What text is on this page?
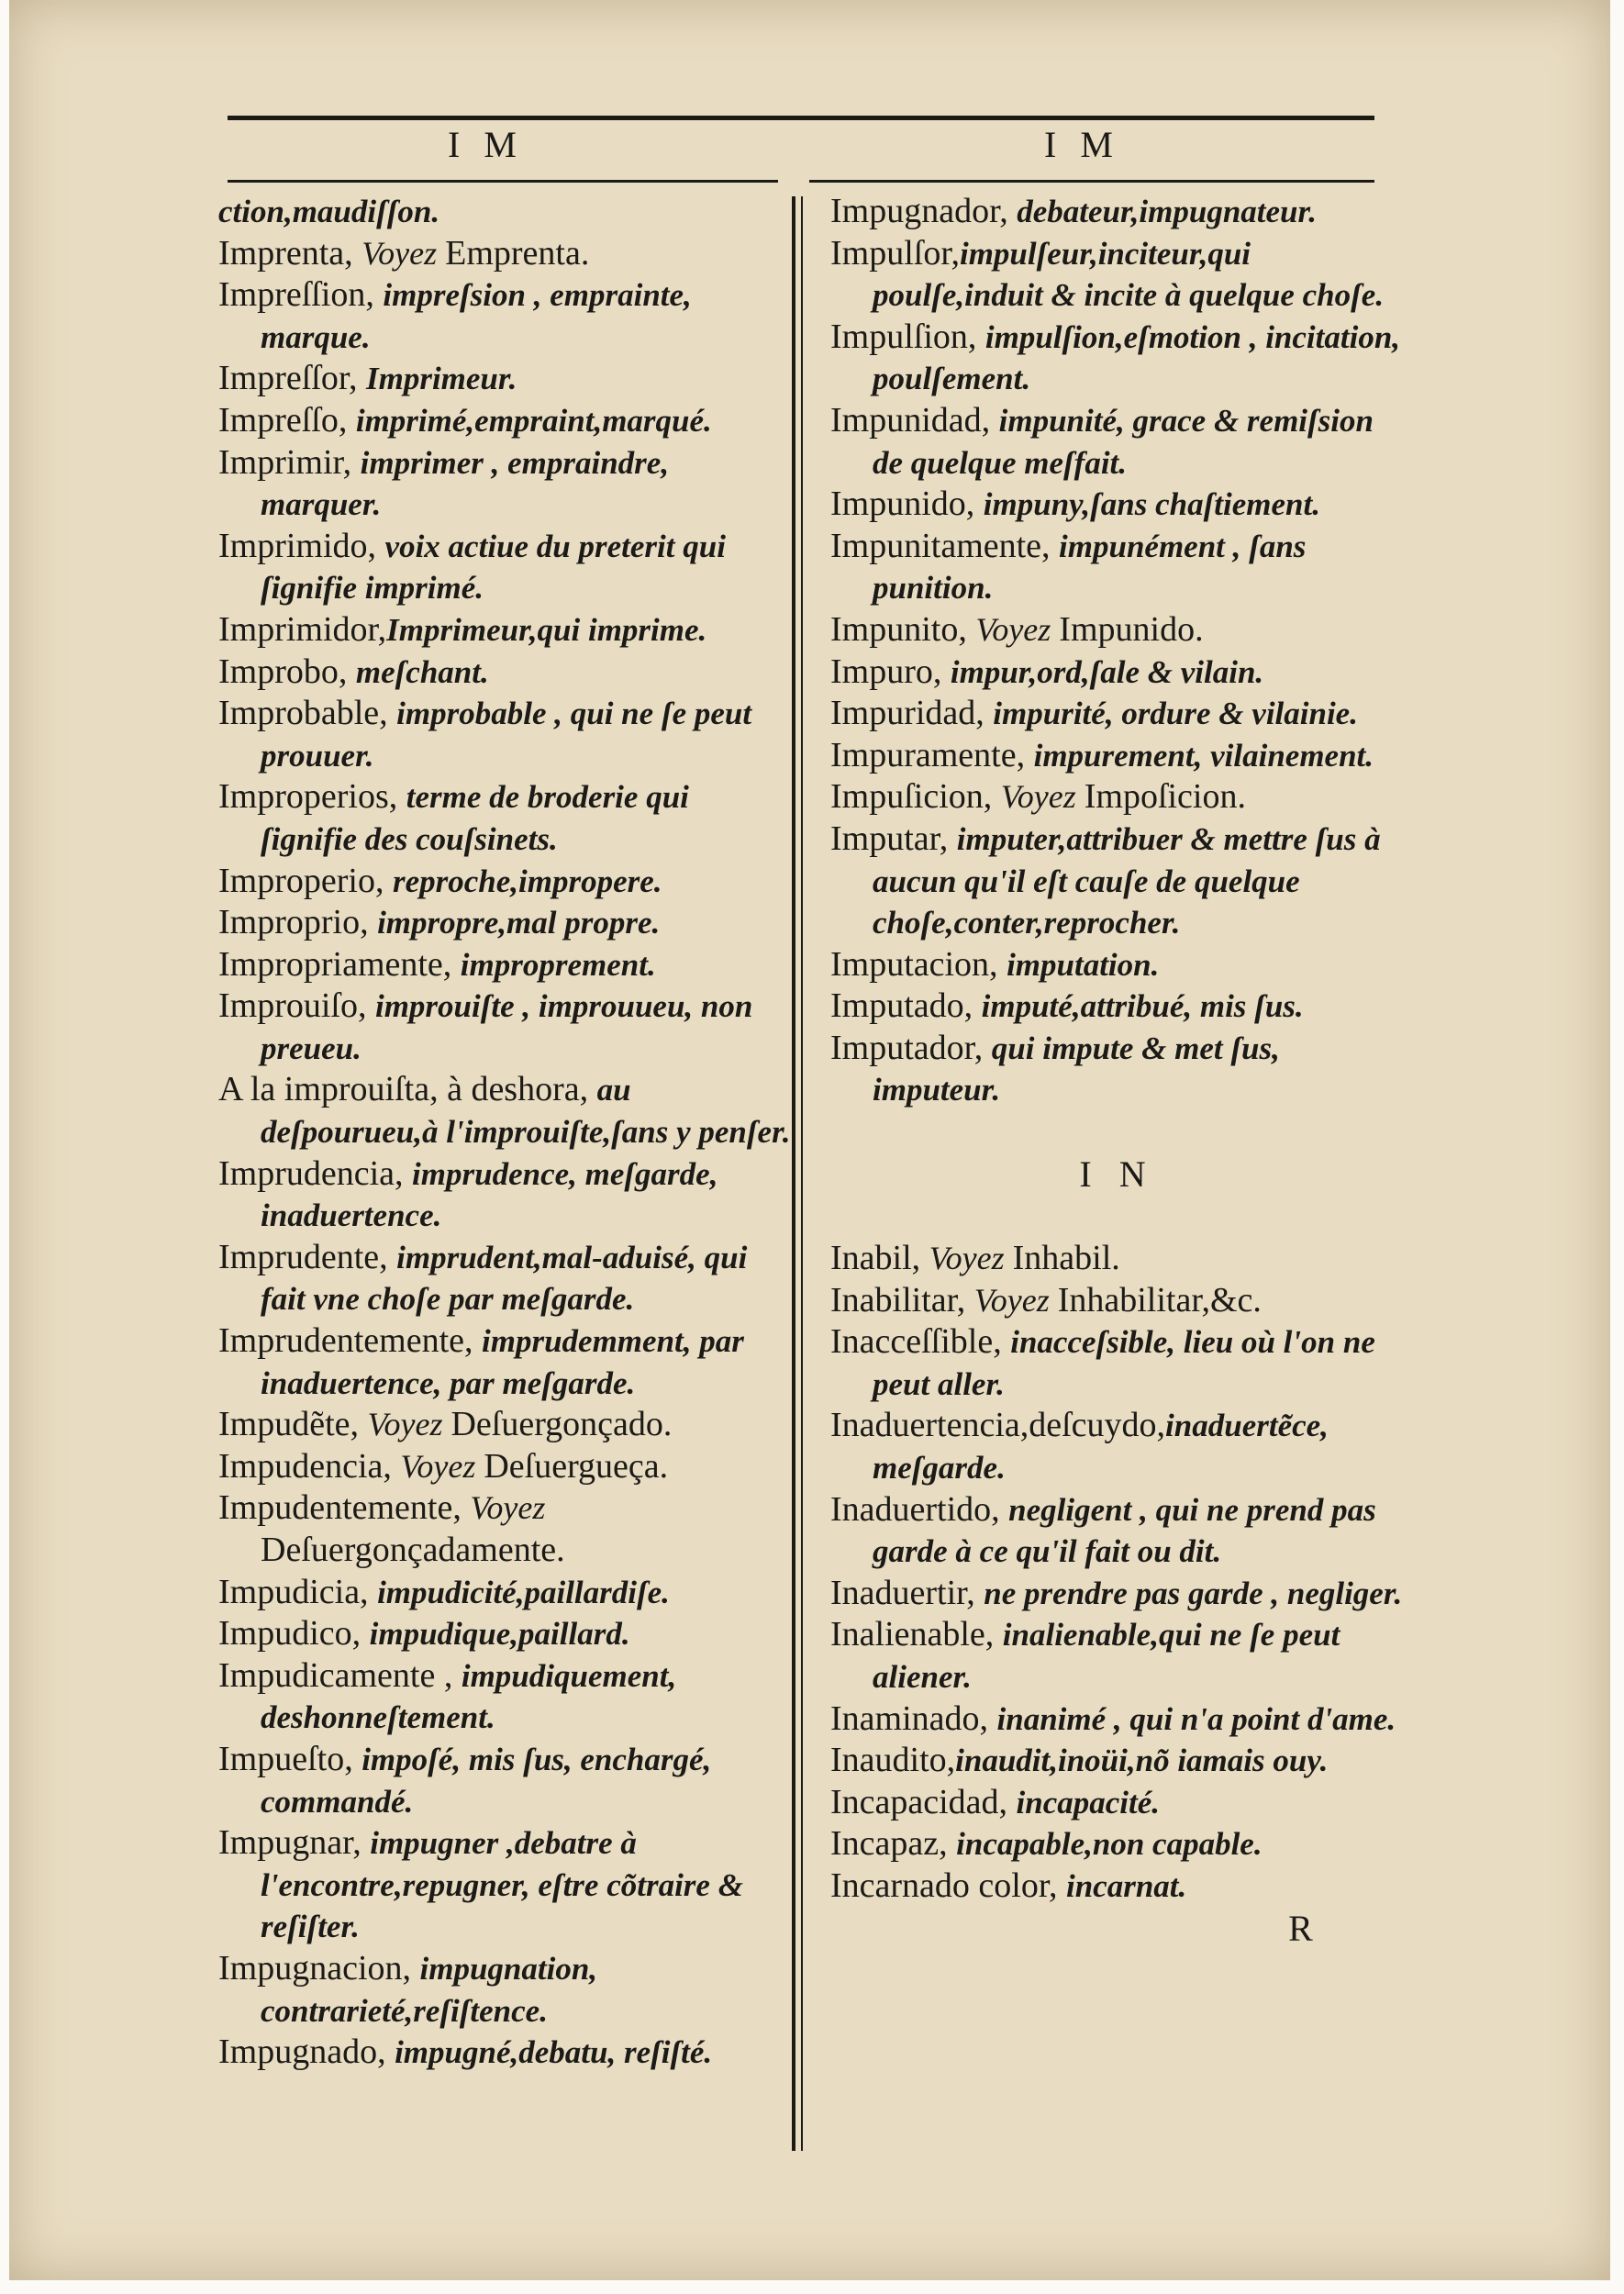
I M	I M
ction,maudiſſon.
Imprenta, Voyez Emprenta.
Impreſſion, impreſsion , emprainte, marque.
Impreſſor, Imprimeur.
Impreſſo, imprimé,empraint,marqué.
Imprimir, imprimer , empraindre, marquer.
Imprimido, voix actiue du preterit qui ſignifie imprimé.
Imprimidor,Imprimeur,qui imprime.
Improbo, meſchant.
Improbable, improbable , qui ne ſe peut prouuer.
Improperios, terme de broderie qui ſignifie des couſsinets.
Improperio, reproche,impropere.
Improprio, impropre,mal propre.
Impropriamente, improprement.
Improuiſo, improuiſte , improuueu, non preueu.
A la improuiſta, à deshora, au deſpourueu,à l'improuiſte,ſans y penſer.
Imprudencia, imprudence, meſgarde, inaduertence.
Imprudente, imprudent,mal-aduisé, qui fait vne choſe par meſgarde.
Imprudentemente, imprudemment, par inaduertence, par meſgarde.
Impudẽte, Voyez Deſuergonçado.
Impudencia, Voyez Deſuergueça.
Impudentemente, Voyez Deſuergonçadamente.
Impudicia, impudicité,paillardiſe.
Impudico, impudique,paillard.
Impudicamente , impudiquement, deshonneſtement.
Impueſto, impoſé, mis ſus, enchargé, commandé.
Impugnar, impugner ,debatre à l'encontre,repugner, eſtre cõtraire & reſiſter.
Impugnacion, impugnation, contrarieté,reſiſtence.
Impugnado, impugné,debatu, reſiſté.
Impugnador, debateur,impugnateur.
Impulſor,impulſeur,inciteur,qui poulſe,induit & incite à quelque choſe.
Impulſion, impulſion,eſmotion , incitation, poulſement.
Impunidad, impunité, grace & remiſsion de quelque meſfait.
Impunido, impuny,ſans chaſtiement.
Impunitamente, impunément , ſans punition.
Impunito, Voyez Impunido.
Impuro, impur,ord,ſale & vilain.
Impuridad, impurité, ordure & vilainie.
Impuramente, impurement, vilainement.
Impuſicion, Voyez Impoſicion.
Imputar, imputer,attribuer & mettre ſus à aucun qu'il eſt cauſe de quelque choſe,conter,reprocher.
Imputacion, imputation.
Imputado, imputé,attribué, mis ſus.
Imputador, qui impute & met ſus, imputeur.
I N
Inabil, Voyez Inhabil.
Inabilitar, Voyez Inhabilitar,&c.
Inacceſſible, inacceſsible, lieu où l'on ne peut aller.
Inaduertencia,deſcuydo,inaduertẽce, meſgarde.
Inaduertido, negligent , qui ne prend pas garde à ce qu'il fait ou dit.
Inaduertir, ne prendre pas garde , negliger.
Inalienable, inalienable,qui ne ſe peut aliener.
Inaminado, inanimé , qui n'a point d'ame.
Inaudito,inaudit,inoüi,nõ iamais ouy.
Incapacidad, incapacité.
Incapaz, incapable,non capable.
Incarnado color, incarnat.
R
